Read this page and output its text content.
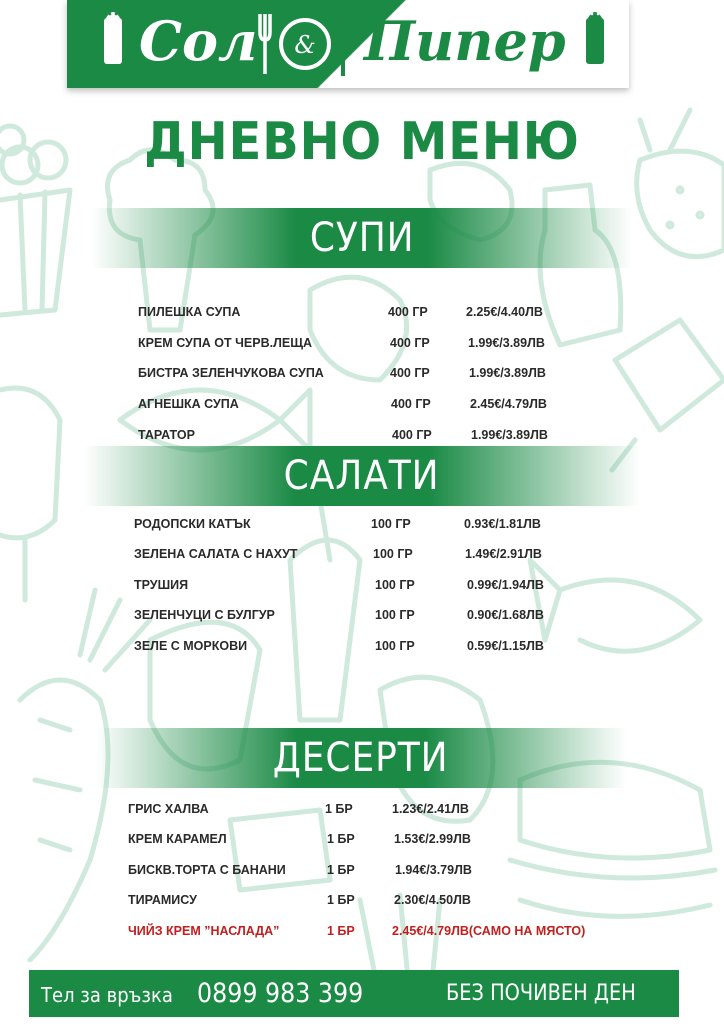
Сол & Пипер
ДНЕВНО МЕНЮ
СУПИ
ПИЛЕШКА СУПА	400 ГР	2.25€/4.40ЛВ
КРЕМ СУПА ОТ ЧЕРВ.ЛЕЩА	400 ГР	1.99€/3.89ЛВ
БИСТРА ЗЕЛЕНЧУКОВА СУПА	400 ГР	1.99€/3.89ЛВ
АГНЕШКА СУПА	400 ГР	2.45€/4.79ЛВ
ТАРАТОР	400 ГР	1.99€/3.89ЛВ
САЛАТИ
РОДОПСКИ КАТЪК	100 ГР	0.93€/1.81ЛВ
ЗЕЛЕНА САЛАТА С НАХУТ	100 ГР	1.49€/2.91ЛВ
ТРУШИЯ	100 ГР	0.99€/1.94ЛВ
ЗЕЛЕНЧУЦИ С БУЛГУР	100 ГР	0.90€/1.68ЛВ
ЗЕЛЕ С МОРКОВИ	100 ГР	0.59€/1.15ЛВ
ДЕСЕРТИ
ГРИС ХАЛВА	1 БР	1.23€/2.41ЛВ
КРЕМ КАРАМЕЛ	1 БР	1.53€/2.99ЛВ
БИСКВ.ТОРТА С БАНАНИ	1 БР	1.94€/3.79ЛВ
ТИРАМИСУ	1 БР	2.30€/4.50ЛВ
ЧИЙЗ КРЕМ ”НАСЛАДА”	1 БР	2.45€/4.79ЛВ(САМО НА МЯСТО)
Тел за връзка 0899 983 399	БЕЗ ПОЧИВЕН ДЕН
